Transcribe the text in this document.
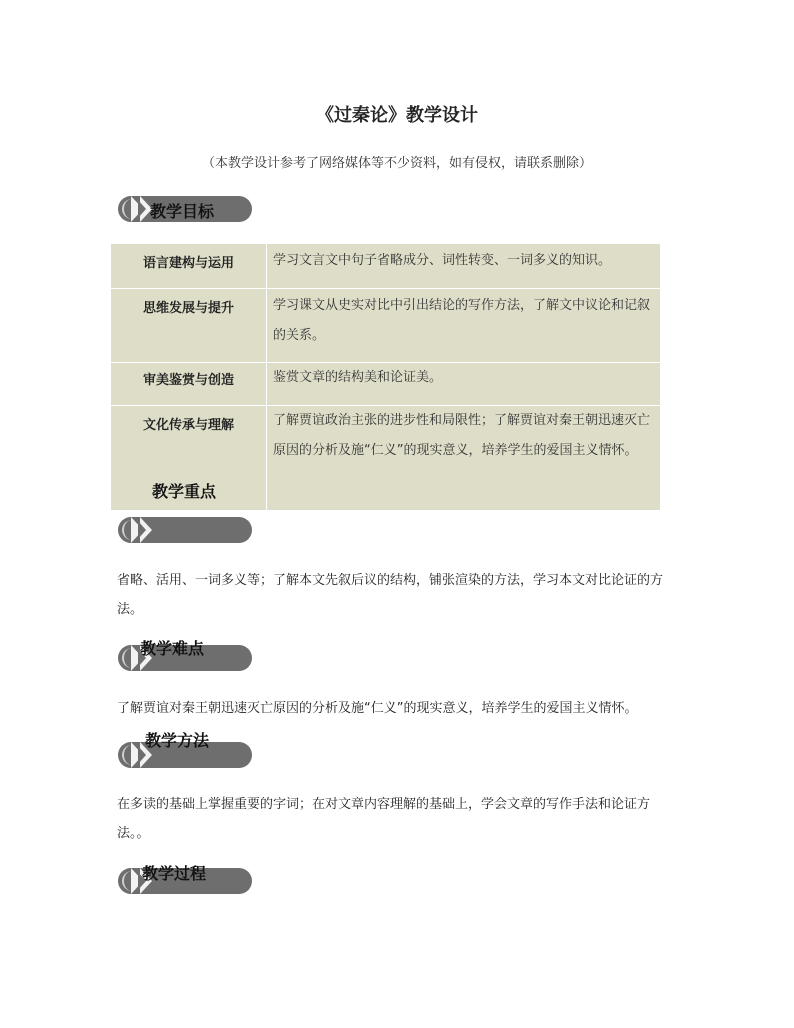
《过秦论》教学设计
（本教学设计参考了网络媒体等不少资料，如有侵权，请联系删除）
教学目标
语言建构与运用	学习文言文中句子省略成分、词性转变、一词多义的知识。
思维发展与提升	学习课文从史实对比中引出结论的写作方法，了解文中议论和记叙的关系。
审美鉴赏与创造	鉴赏文章的结构美和论证美。
文化传承与理解	了解贾谊政治主张的进步性和局限性；了解贾谊对秦王朝迅速灭亡原因的分析及施“仁义”的现实意义，培养学生的爱国主义情怀。
教学重点
省略、活用、一词多义等；了解本文先叙后议的结构，铺张渲染的方法，学习本文对比论证的方法。
教学难点
了解贾谊对秦王朝迅速灭亡原因的分析及施“仁义”的现实意义，培养学生的爱国主义情怀。
教学方法
在多读的基础上掌握重要的字词；在对文章内容理解的基础上，学会文章的写作手法和论证方法。。
教学过程
